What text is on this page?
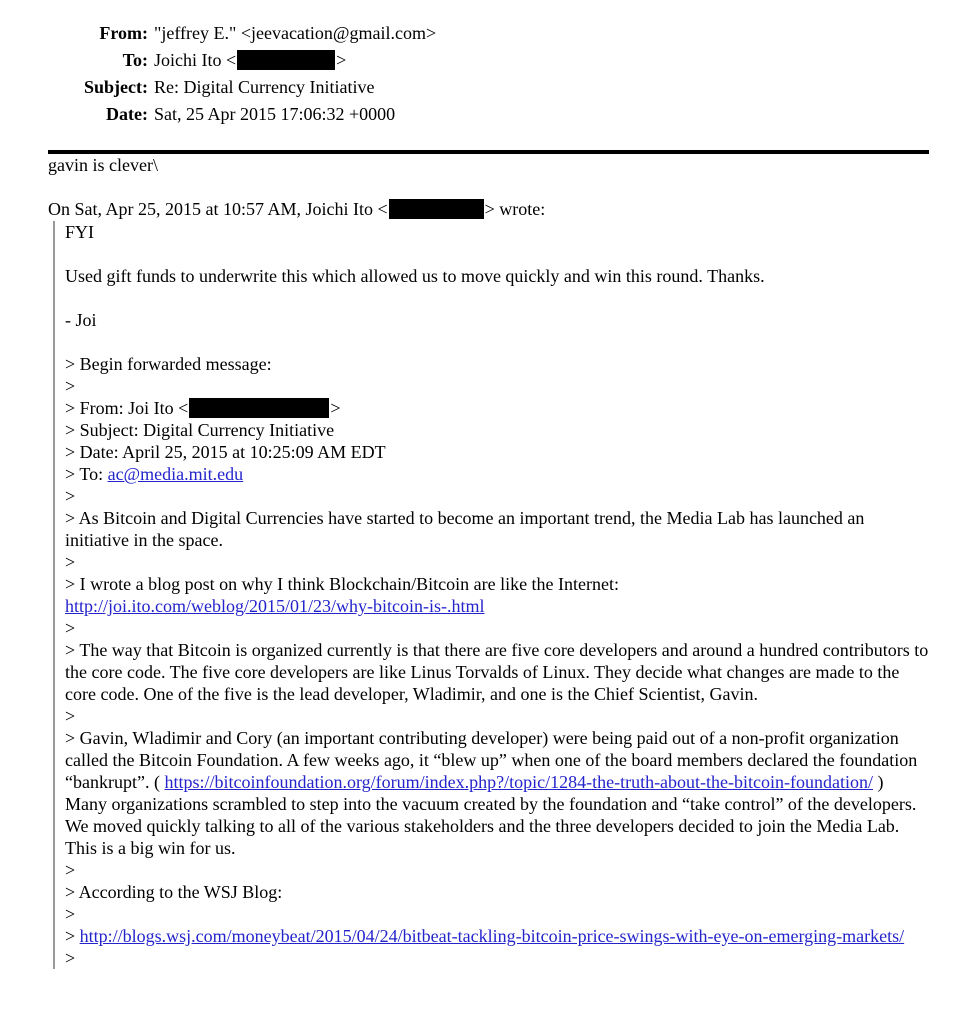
From: "jeffrey E." <jeevacation@gmail.com>
To: Joichi Ito <	>
Subject: Re: Digital Currency Initiative
Date: Sat, 25 Apr 2015 17:06:32 +0000

gavin is clever\

On Sat, Apr 25, 2015 at 10:57 AM, Joichi Ito <	> wrote:

FYI

Used gift funds to underwrite this which allowed us to move quickly and win this round. Thanks.

- Joi

> Begin forwarded message:

>

> From: Joi Ito <	>

> Subject: Digital Currency Initiative

> Date: April 25, 2015 at 10:25:09 AM EDT

> To: ac@media.mit.edu

>

> As Bitcoin and Digital Currencies have started to become an important trend, the Media Lab has launched an initiative in the space.

>

> I wrote a blog post on why I think Blockchain/Bitcoin are like the Internet:
http://joi.ito.com/weblog/2015/01/23/why-bitcoin-is-.html

>

> The way that Bitcoin is organized currently is that there are five core developers and around a hundred contributors to the core code. The five core developers are like Linus Torvalds of Linux. They decide what changes are made to the core code. One of the five is the lead developer, Wladimir, and one is the Chief Scientist, Gavin.

>

> Gavin, Wladimir and Cory (an important contributing developer) were being paid out of a non-profit organization called the Bitcoin Foundation. A few weeks ago, it “blew up” when one of the board members declared the foundation “bankrupt”. ( https://bitcoinfoundation.org/forum/index.php?/topic/1284-the-truth-about-the-bitcoin-foundation/ ) Many organizations scrambled to step into the vacuum created by the foundation and “take control” of the developers. We moved quickly talking to all of the various stakeholders and the three developers decided to join the Media Lab. This is a big win for us.

>

> According to the WSJ Blog:

>

> http://blogs.wsj.com/moneybeat/2015/04/24/bitbeat-tackling-bitcoin-price-swings-with-eye-on-emerging-markets/

>
